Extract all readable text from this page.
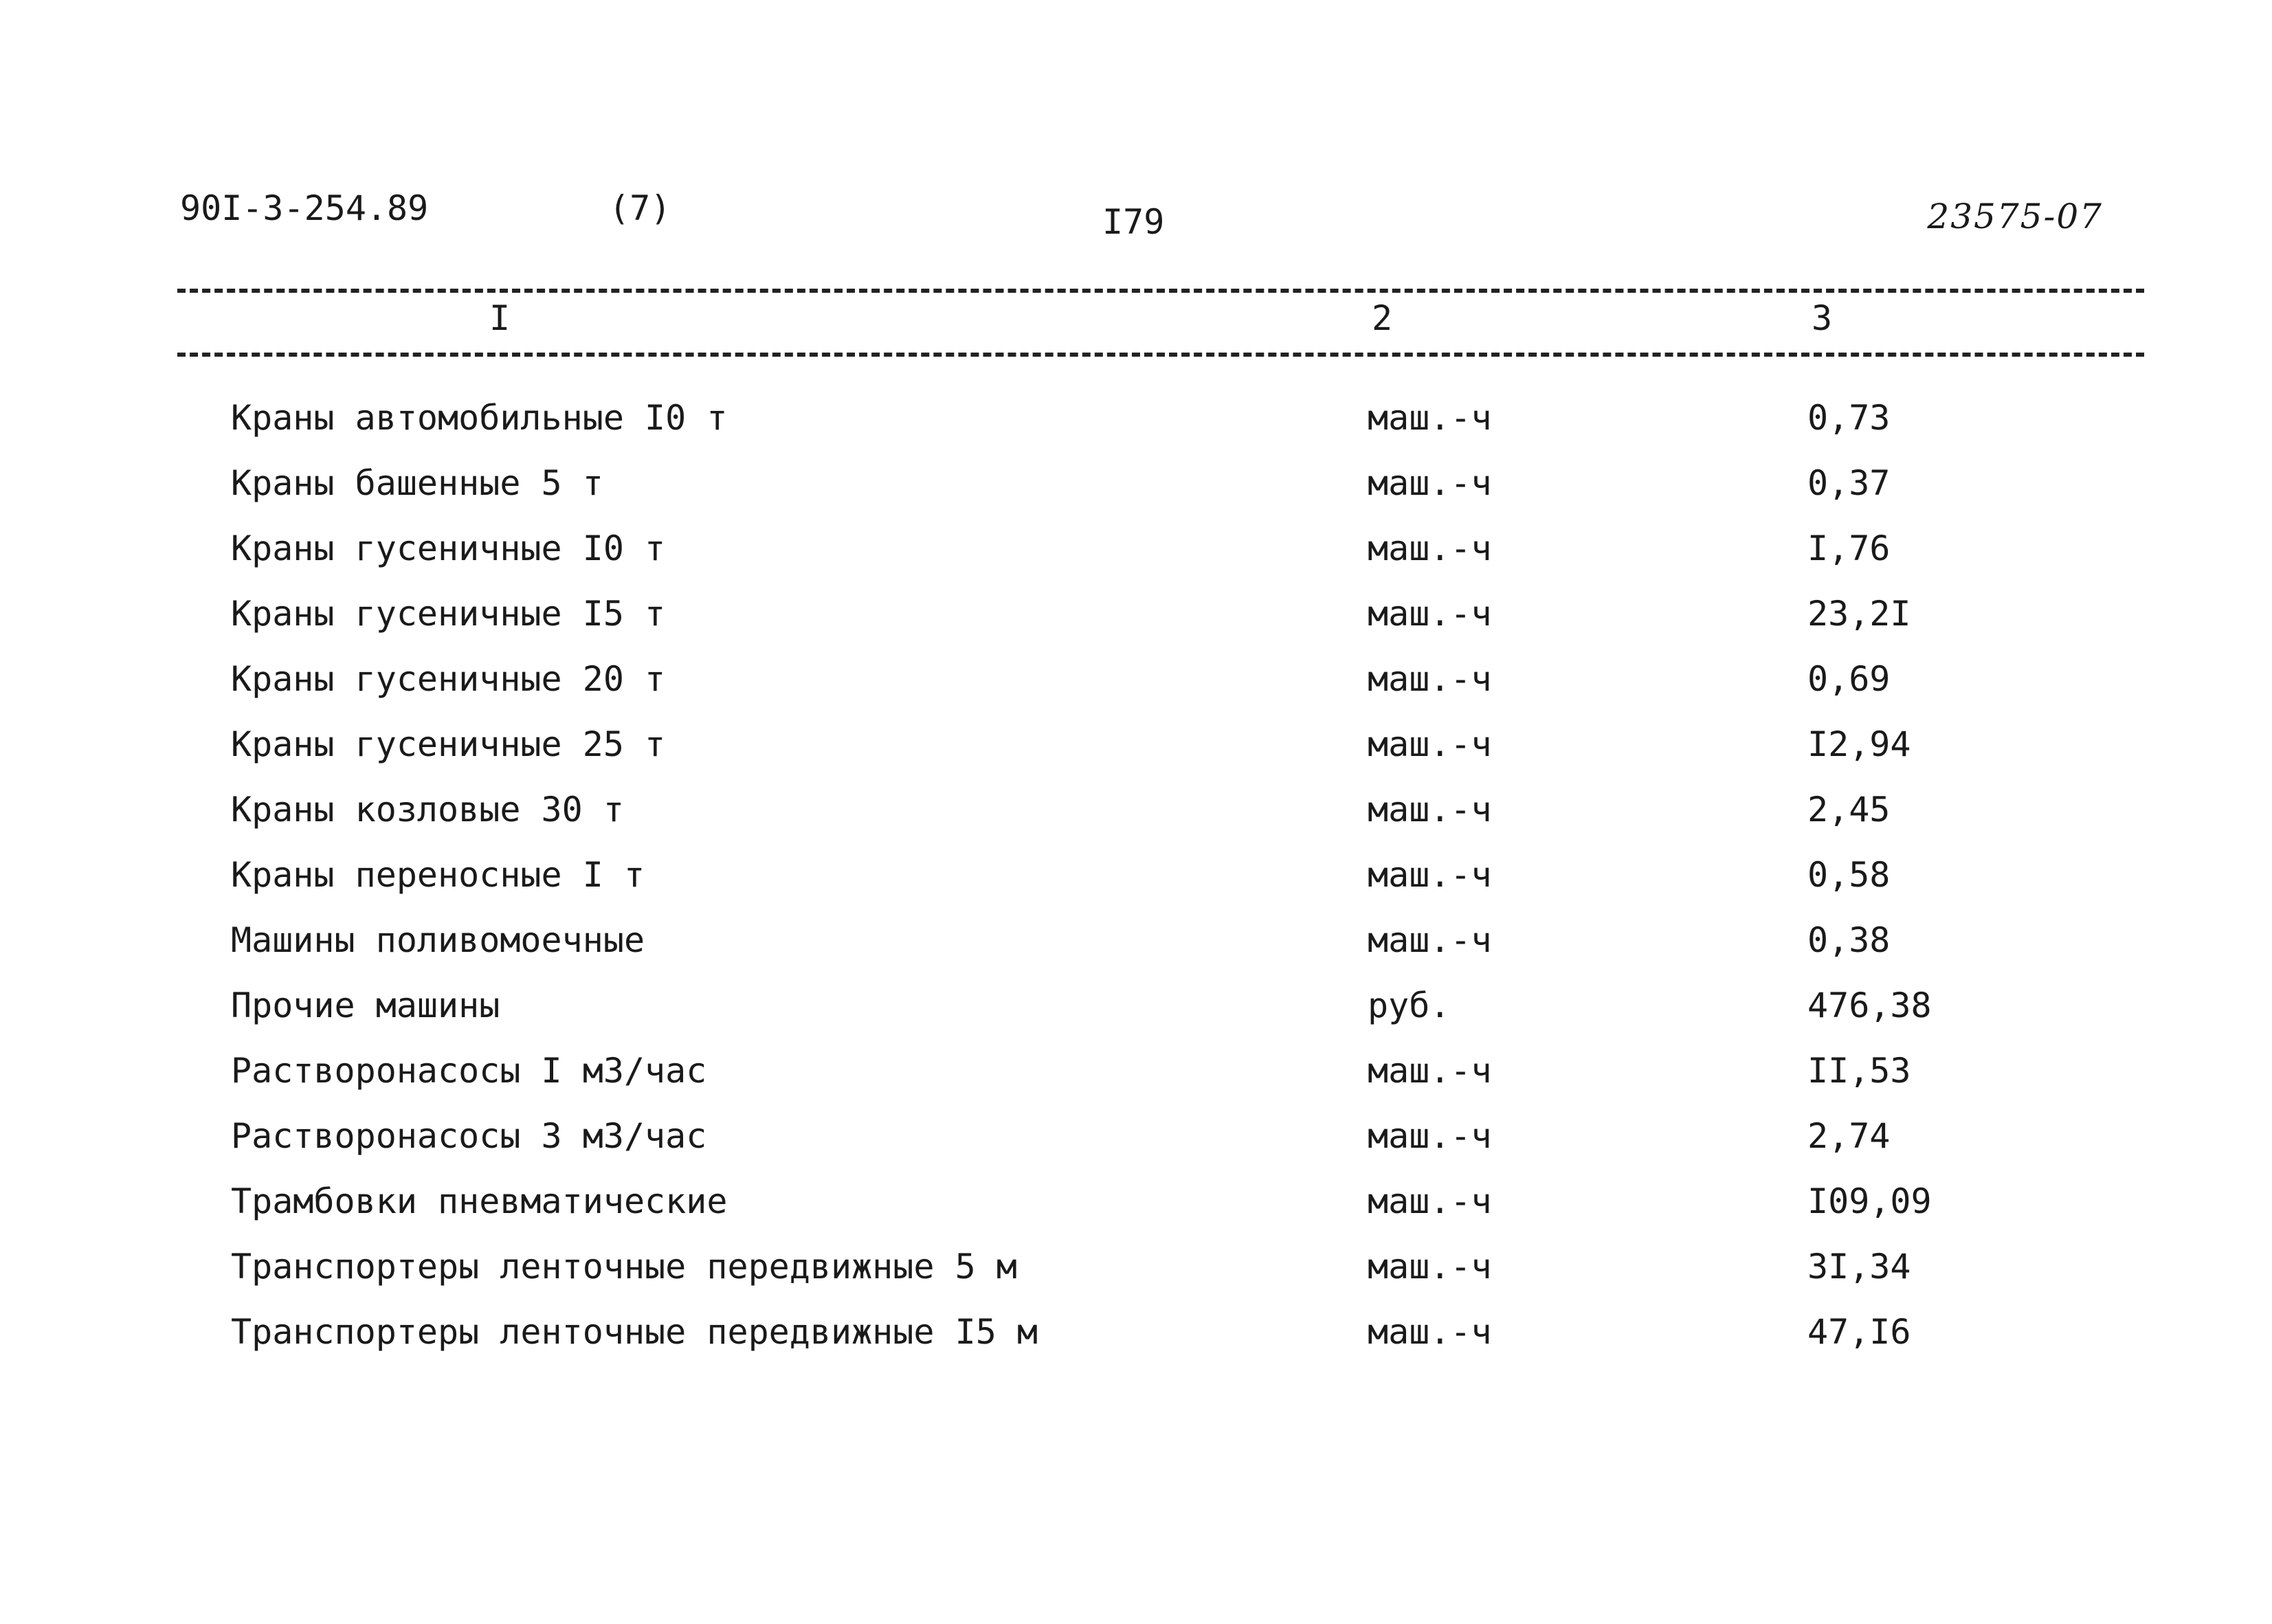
90I-3-254.89	(7)	I79	23575-07
I	2	3
Краны автомобильные I0 т	маш.-ч	0,73
Краны башенные 5 т	маш.-ч	0,37
Краны гусеничные I0 т	маш.-ч	I,76
Краны гусеничные I5 т	маш.-ч	23,2I
Краны гусеничные 20 т	маш.-ч	0,69
Краны гусеничные 25 т	маш.-ч	I2,94
Краны козловые 30 т	маш.-ч	2,45
Краны переносные I т	маш.-ч	0,58
Машины поливомоечные	маш.-ч	0,38
Прочие машины	руб.	476,38
Растворонасосы I м3/час	маш.-ч	II,53
Растворонасосы 3 м3/час	маш.-ч	2,74
Трамбовки пневматические	маш.-ч	I09,09
Транспортеры ленточные передвижные 5 м	маш.-ч	3I,34
Транспортеры ленточные передвижные I5 м	маш.-ч	47,I6
